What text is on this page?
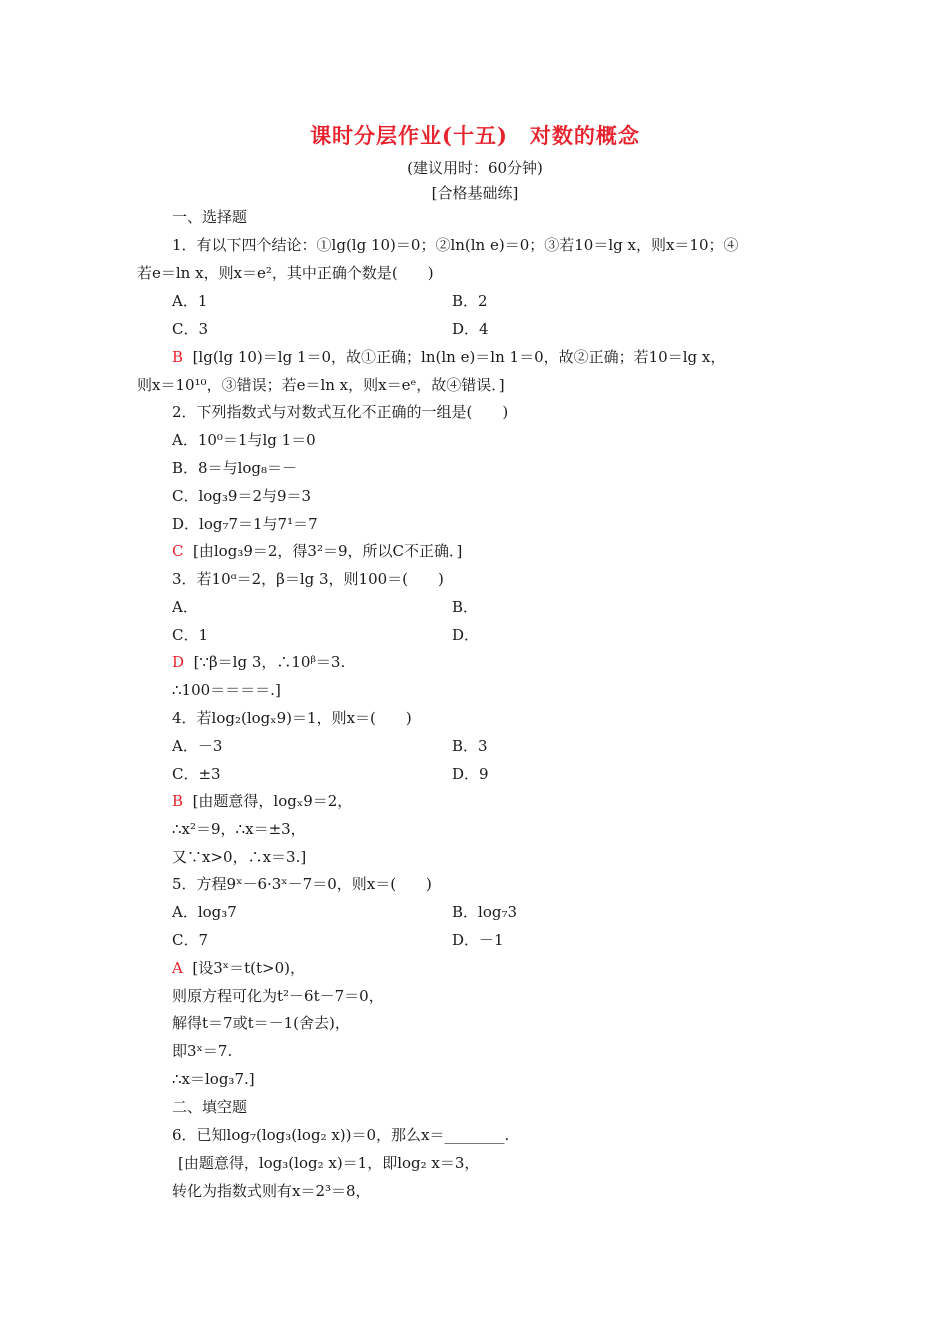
课时分层作业(十五)　对数的概念
(建议用时：60分钟)
[合格基础练]
一、选择题
1．有以下四个结论：①lg(lg 10)＝0；②ln(ln e)＝0；③若10＝lg x，则x＝10；④
若e＝ln x，则x＝e²，其中正确个数是(　　)
A．1	B．2
C．3	D．4
B [lg(lg 10)＝lg 1＝0，故①正确；ln(ln e)＝ln 1＝0，故②正确；若10＝lg x，
则x＝10¹⁰，③错误；若e＝ln x，则x＝eᵉ，故④错误．]
2．下列指数式与对数式互化不正确的一组是(　　)
A．10⁰＝1与lg 1＝0
B．8＝与log₈＝－
C．log₃9＝2与9＝3
D．log₇7＝1与7¹＝7
C [由log₃9＝2，得3²＝9，所以C不正确．]
3．若10ᵅ＝2，β＝lg 3，则100＝(　　)
A．	B．
C．1	D．
D [∵β＝lg 3，∴10ᵝ＝3.
∴100＝＝＝＝.]
4．若log₂(logₓ9)＝1，则x＝(　　)
A．－3	B．3
C．±3	D．9
B [由题意得，logₓ9＝2，
∴x²＝9，∴x＝±3，
又∵x>0，∴x＝3.]
5．方程9ˣ－6·3ˣ－7＝0，则x＝(　　)
A．log₃7	B．log₇3
C．7	D．－1
A [设3ˣ＝t(t>0)，
则原方程可化为t²－6t－7＝0，
解得t＝7或t＝－1(舍去)，
即3ˣ＝7.
∴x＝log₃7.]
二、填空题
6．已知log₇(log₃(log₂ x))＝0，那么x＝________.
[由题意得，log₃(log₂ x)＝1，即log₂ x＝3，
转化为指数式则有x＝2³＝8，
